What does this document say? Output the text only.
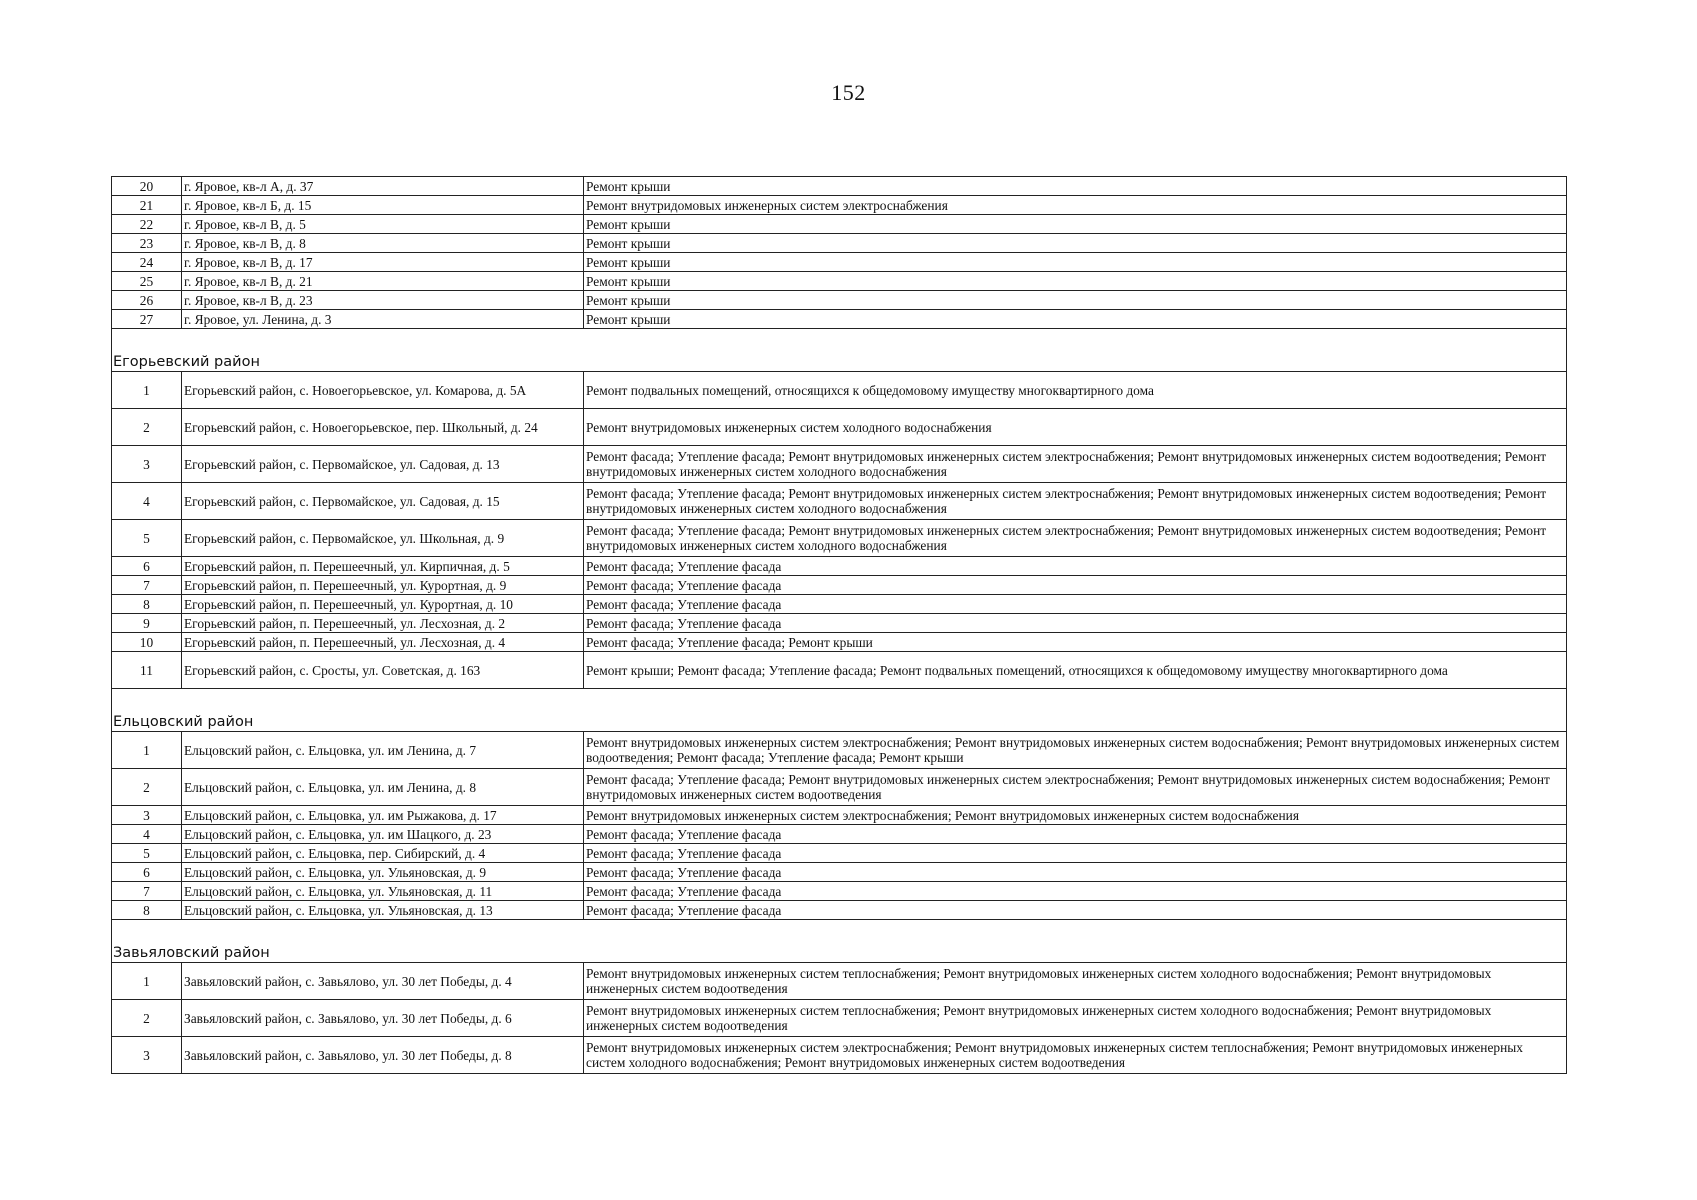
152
20	г. Яровое, кв-л А, д. 37	Ремонт крыши
21	г. Яровое, кв-л Б, д. 15	Ремонт внутридомовых инженерных систем электроснабжения
22	г. Яровое, кв-л В, д. 5	Ремонт крыши
23	г. Яровое, кв-л В, д. 8	Ремонт крыши
24	г. Яровое, кв-л В, д. 17	Ремонт крыши
25	г. Яровое, кв-л В, д. 21	Ремонт крыши
26	г. Яровое, кв-л В, д. 23	Ремонт крыши
27	г. Яровое, ул. Ленина, д. 3	Ремонт крыши
Егорьевский район		
1	Егорьевский район, с. Новоегорьевское, ул. Комарова, д. 5А	Ремонт подвальных помещений, относящихся к общедомовому имуществу многоквартирного дома
2	Егорьевский район, с. Новоегорьевское, пер. Школьный, д. 24	Ремонт внутридомовых инженерных систем холодного водоснабжения
3	Егорьевский район, с. Первомайское, ул. Садовая, д. 13	Ремонт фасада; Утепление фасада; Ремонт внутридомовых инженерных систем электроснабжения; Ремонт внутридомовых инженерных систем водоотведения; Ремонт внутридомовых инженерных систем холодного водоснабжения
4	Егорьевский район, с. Первомайское, ул. Садовая, д. 15	Ремонт фасада; Утепление фасада; Ремонт внутридомовых инженерных систем электроснабжения; Ремонт внутридомовых инженерных систем водоотведения; Ремонт внутридомовых инженерных систем холодного водоснабжения
5	Егорьевский район, с. Первомайское, ул. Школьная, д. 9	Ремонт фасада; Утепление фасада; Ремонт внутридомовых инженерных систем электроснабжения; Ремонт внутридомовых инженерных систем водоотведения; Ремонт внутридомовых инженерных систем холодного водоснабжения
6	Егорьевский район, п. Перешеечный, ул. Кирпичная, д. 5	Ремонт фасада; Утепление фасада
7	Егорьевский район, п. Перешеечный, ул. Курортная, д. 9	Ремонт фасада; Утепление фасада
8	Егорьевский район, п. Перешеечный, ул. Курортная, д. 10	Ремонт фасада; Утепление фасада
9	Егорьевский район, п. Перешеечный, ул. Лесхозная, д. 2	Ремонт фасада; Утепление фасада
10	Егорьевский район, п. Перешеечный, ул. Лесхозная, д. 4	Ремонт фасада; Утепление фасада; Ремонт крыши
11	Егорьевский район, с. Сросты, ул. Советская, д. 163	Ремонт крыши; Ремонт фасада; Утепление фасада; Ремонт подвальных помещений, относящихся к общедомовому имуществу многоквартирного дома
Ельцовский район		
1	Ельцовский район, с. Ельцовка, ул. им Ленина, д. 7	Ремонт внутридомовых инженерных систем электроснабжения; Ремонт внутридомовых инженерных систем водоснабжения; Ремонт внутридомовых инженерных систем водоотведения; Ремонт фасада; Утепление фасада; Ремонт крыши
2	Ельцовский район, с. Ельцовка, ул. им Ленина, д. 8	Ремонт фасада; Утепление фасада; Ремонт внутридомовых инженерных систем электроснабжения; Ремонт внутридомовых инженерных систем водоснабжения; Ремонт внутридомовых инженерных систем водоотведения
3	Ельцовский район, с. Ельцовка, ул. им Рыжакова, д. 17	Ремонт внутридомовых инженерных систем электроснабжения; Ремонт внутридомовых инженерных систем водоснабжения
4	Ельцовский район, с. Ельцовка, ул. им Шацкого, д. 23	Ремонт фасада; Утепление фасада
5	Ельцовский район, с. Ельцовка, пер. Сибирский, д. 4	Ремонт фасада; Утепление фасада
6	Ельцовский район, с. Ельцовка, ул. Ульяновская, д. 9	Ремонт фасада; Утепление фасада
7	Ельцовский район, с. Ельцовка, ул. Ульяновская, д. 11	Ремонт фасада; Утепление фасада
8	Ельцовский район, с. Ельцовка, ул. Ульяновская, д. 13	Ремонт фасада; Утепление фасада
Завьяловский район		
1	Завьяловский район, с. Завьялово, ул. 30 лет Победы, д. 4	Ремонт внутридомовых инженерных систем теплоснабжения; Ремонт внутридомовых инженерных систем холодного водоснабжения; Ремонт внутридомовых инженерных систем водоотведения
2	Завьяловский район, с. Завьялово, ул. 30 лет Победы, д. 6	Ремонт внутридомовых инженерных систем теплоснабжения; Ремонт внутридомовых инженерных систем холодного водоснабжения; Ремонт внутридомовых инженерных систем водоотведения
3	Завьяловский район, с. Завьялово, ул. 30 лет Победы, д. 8	Ремонт внутридомовых инженерных систем электроснабжения; Ремонт внутридомовых инженерных систем теплоснабжения; Ремонт внутридомовых инженерных систем холодного водоснабжения; Ремонт внутридомовых инженерных систем водоотведения
